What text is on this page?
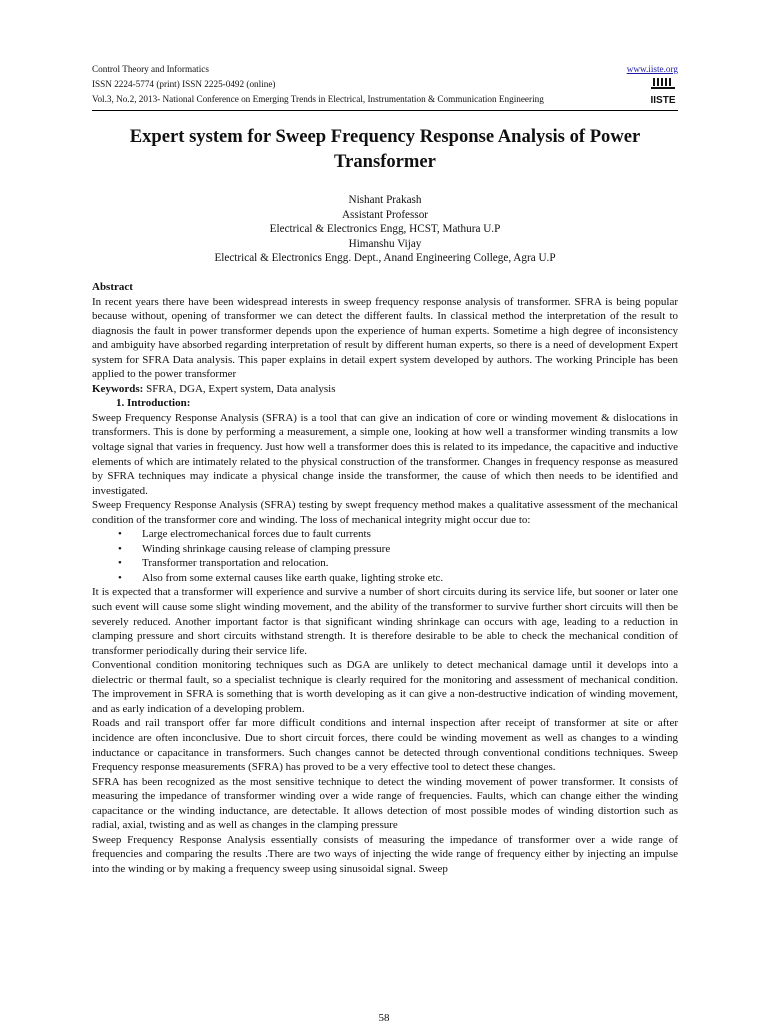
Control Theory and Informatics
ISSN 2224-5774 (print) ISSN 2225-0492 (online)
Vol.3, No.2, 2013- National Conference on Emerging Trends in Electrical, Instrumentation & Communication Engineering
www.iiste.org
IISTE
Expert system for Sweep Frequency Response Analysis of Power Transformer
Nishant Prakash
Assistant Professor
Electrical & Electronics Engg, HCST, Mathura U.P
Himanshu Vijay
Electrical & Electronics Engg. Dept., Anand Engineering College, Agra U.P

Abstract

In recent years there have been widespread interests in sweep frequency response analysis of transformer. SFRA is being popular because without, opening of transformer we can detect the different faults. In classical method the interpretation of the result to diagnosis the fault in power transformer depends upon the experience of human experts. Sometime a high degree of inconsistency and ambiguity have absorbed regarding interpretation of result by different human experts, so there is a need of development Expert system for SFRA Data analysis. This paper explains in detail expert system developed by authors. The working Principle has been applied to the power transformer

Keywords: SFRA, DGA, Expert system, Data analysis

1. Introduction:

Sweep Frequency Response Analysis (SFRA) is a tool that can give an indication of core or winding movement & dislocations in transformers. This is done by performing a measurement, a simple one, looking at how well a transformer winding transmits a low voltage signal that varies in frequency. Just how well a transformer does this is related to its impedance, the capacitive and inductive elements of which are intimately related to the physical construction of the transformer. Changes in frequency response as measured by SFRA techniques may indicate a physical change inside the transformer, the cause of which then needs to be identified and investigated.

Sweep Frequency Response Analysis (SFRA) testing by swept frequency method makes a qualitative assessment of the mechanical condition of the transformer core and winding. The loss of mechanical integrity might occur due to:

• Large electromechanical forces due to fault currents
• Winding shrinkage causing release of clamping pressure
• Transformer transportation and relocation.
• Also from some external causes like earth quake, lighting stroke etc.

It is expected that a transformer will experience and survive a number of short circuits during its service life, but sooner or later one such event will cause some slight winding movement, and the ability of the transformer to survive further short circuits will then be severely reduced. Another important factor is that significant winding shrinkage can occurs with age, leading to a reduction in clamping pressure and short circuits withstand strength. It is therefore desirable to be able to check the mechanical condition of transformer periodically during their service life.

Conventional condition monitoring techniques such as DGA are unlikely to detect mechanical damage until it develops into a dielectric or thermal fault, so a specialist technique is clearly required for the monitoring and assessment of mechanical condition. The improvement in SFRA is something that is worth developing as it can give a non-destructive indication of winding movement, and as early indication of a developing problem.

Roads and rail transport offer far more difficult conditions and internal inspection after receipt of transformer at site or after incidence are often inconclusive. Due to short circuit forces, there could be winding movement as well as changes to a winding inductance or capacitance in transformers. Such changes cannot be detected through conventional conditions techniques. Sweep Frequency response measurements (SFRA) has proved to be a very effective tool to detect these changes.

SFRA has been recognized as the most sensitive technique to detect the winding movement of power transformer. It consists of measuring the impedance of transformer winding over a wide range of frequencies. Faults, which can change either the winding capacitance or the winding inductance, are detectable. It allows detection of most possible modes of winding distortion such as radial, axial, twisting and as well as changes in the clamping pressure

Sweep Frequency Response Analysis essentially consists of measuring the impedance of transformer over a wide range of frequencies and comparing the results .There are two ways of injecting the wide range of frequency either by injecting an impulse into the winding or by making a frequency sweep using sinusoidal signal. Sweep

58
